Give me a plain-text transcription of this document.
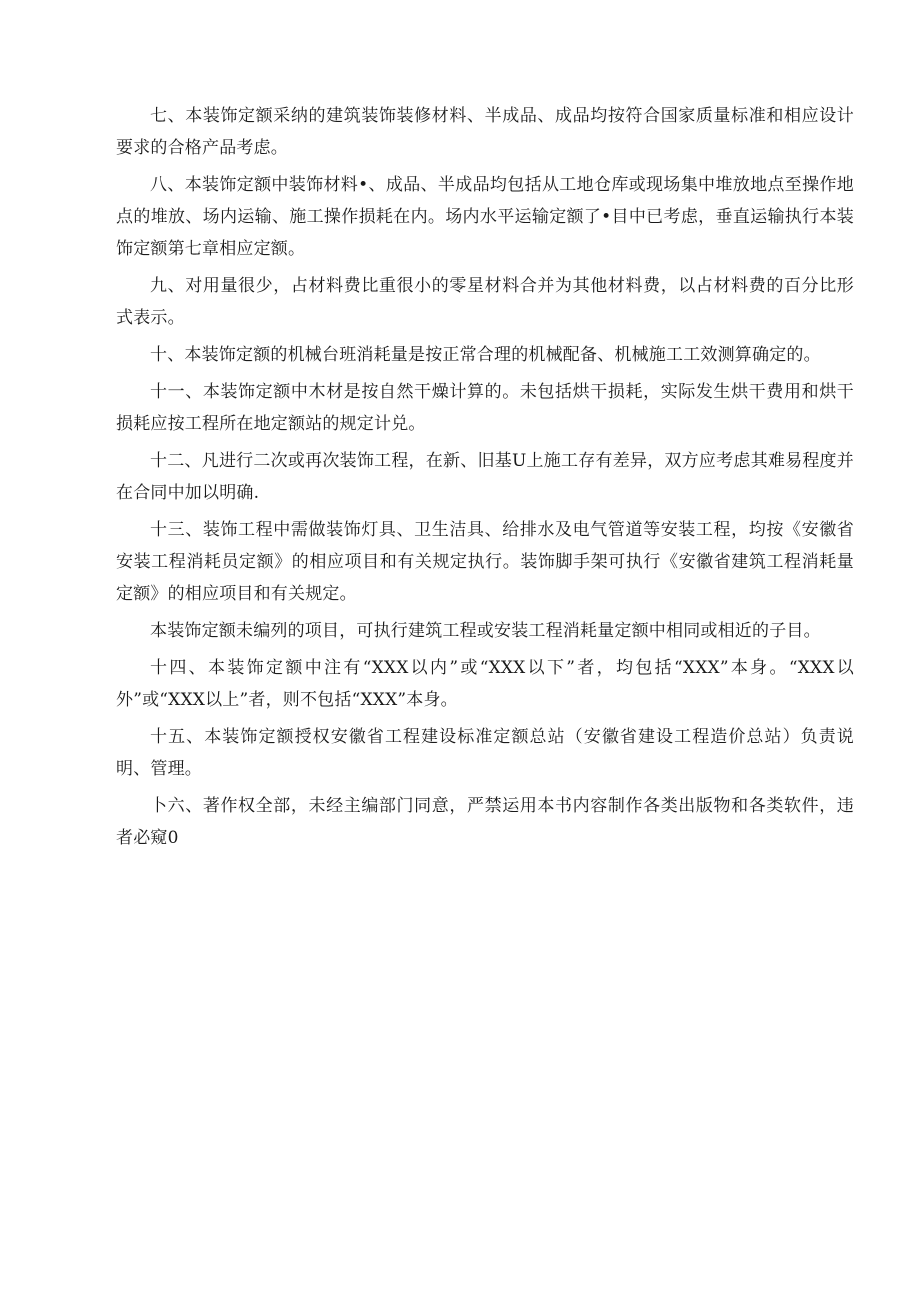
七、本装饰定额采纳的建筑装饰装修材料、半成品、成品均按符合国家质量标准和相应设计要求的合格产品考虑。

八、本装饰定额中装饰材料•、成品、半成品均包括从工地仓库或现场集中堆放地点至操作地点的堆放、场内运输、施工操作损耗在内。场内水平运输定额了•目中已考虑，垂直运输执行本装饰定额第七章相应定额。

九、对用量很少，占材料费比重很小的零星材料合并为其他材料费，以占材料费的百分比形式表示。

十、本装饰定额的机械台班消耗量是按正常合理的机械配备、机械施工工效测算确定的。

十一、本装饰定额中木材是按自然干燥计算的。未包括烘干损耗，实际发生烘干费用和烘干损耗应按工程所在地定额站的规定计兑。

十二、凡进行二次或再次装饰工程，在新、旧基U上施工存有差异，双方应考虑其难易程度并在合同中加以明确.

十三、装饰工程中需做装饰灯具、卫生洁具、给排水及电气管道等安装工程，均按《安徽省安装工程消耗员定额》的相应项目和有关规定执行。装饰脚手架可执行《安徽省建筑工程消耗量定额》的相应项目和有关规定。

本装饰定额未编列的项目，可执行建筑工程或安装工程消耗量定额中相同或相近的子目。

十四、本装饰定额中注有“XXX以内”或“XXX以下”者，均包括“XXX”本身。“XXX以外”或“XXX以上”者，则不包括“XXX”本身。

十五、本装饰定额授权安徽省工程建设标准定额总站（安徽省建设工程造价总站）负责说明、管理。

卜六、著作权全部，未经主编部门同意，严禁运用本书内容制作各类出版物和各类软件，违者必窥0
